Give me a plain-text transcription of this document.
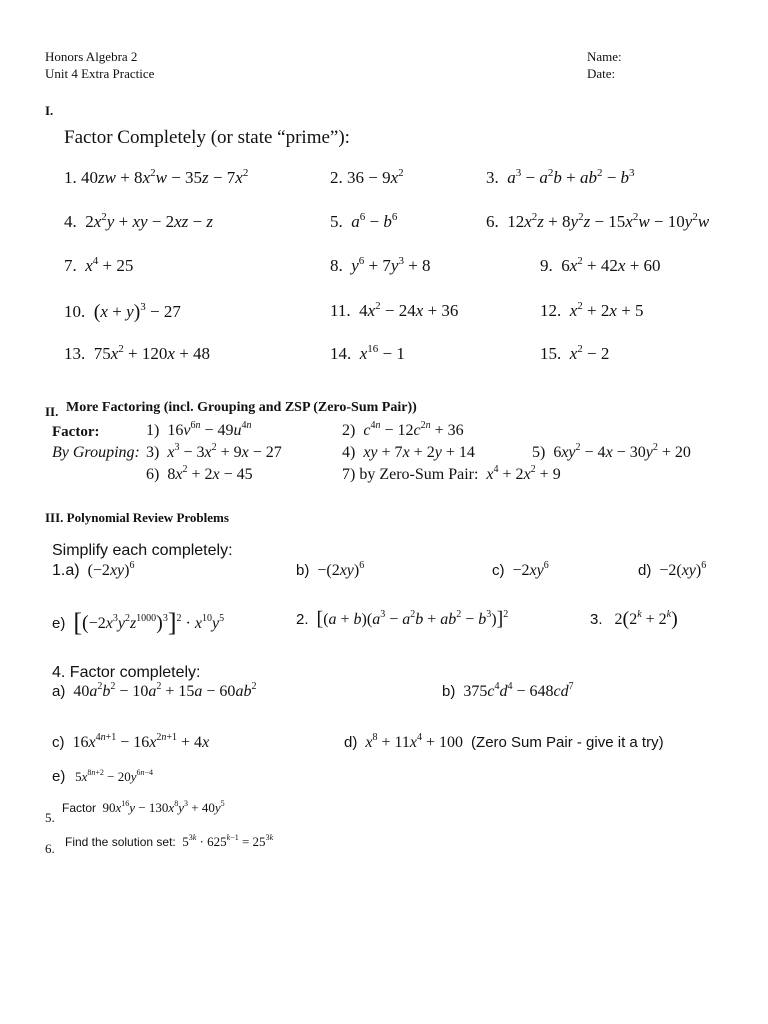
Honors Algebra 2
Unit 4 Extra Practice
Name:
Date:
I.
Factor Completely (or state “prime”):
1. $40zw + 8x^2w - 35z - 7x^2$	2. $36 - 9x^2$	3. $a^3 - a^2b + ab^2 - b^3$
4.  $2x^2y$ + xy − 2xz − z	5. $a^6 - b^6$	6.  $12x^2z + 8y^2z - 15x^2w - 10y^2w$
7. $x^4 + 25$	8. $y^6 + 7y^3 + 8$	9.  $6x^2 + 42x + 60$
10. $(x + y)^3 - 27$	11.  $4x^2 - 24x + 36$	12. $x^2 + 2x + 5$
13.  $75x^2 + 120x + 48$	14. $x^{16} - 1$	15. $x^2 - 2$
II. More Factoring (incl. Grouping and ZSP (Zero-Sum Pair))
Factor:	1)  $16v^{6n} - 49u^{4n}$	2) $c^{4n} - 12c^{2n} + 36$
By Grouping: 3) $x^3 - 3x^2 + 9x - 27$	4) xy + 7x + 2y + 14	5)  $6xy^2 - 4x - 30y^2 + 20$
6)  $8x^2 + 2x - 45$	7) by Zero-Sum Pair: $x^4 + 2x^2 + 9$
III. Polynomial Review Problems
Simplify each completely:
1.a)  $(-2xy)^6$	$b) -(2xy)^6$	$c) -2xy^6$	d)  −2(xy)$^6$
e) $[(-2x^3y^2z^{1000})^3]^2 \cdot x^{10}y^5$	2. $[(a + b)(a^3 - a^2b + ab^2 - b^3)]^2$	3.   $2(2^k + 2^k)$
4. Factor completely:
a)  $40a^2b^2 - 10a^2 + 15a - 60ab^2$	b)  $375c^4d^4 - 648cd^7$
c)  $16x^{4n+1} - 16x^{2n+1} + 4x$	d) $x^8 + 11x^4 + 100$  (Zero Sum Pair - give it a try)
e)   $5x^{8n+2} - 20y^{6n-4}$
5.
Factor  $90x^{16}y - 130x^8y^3 + 40y^5$
6. Find the solution set:  $5^{3k} \cdot 625^{k-1} = 25^{3k}$
